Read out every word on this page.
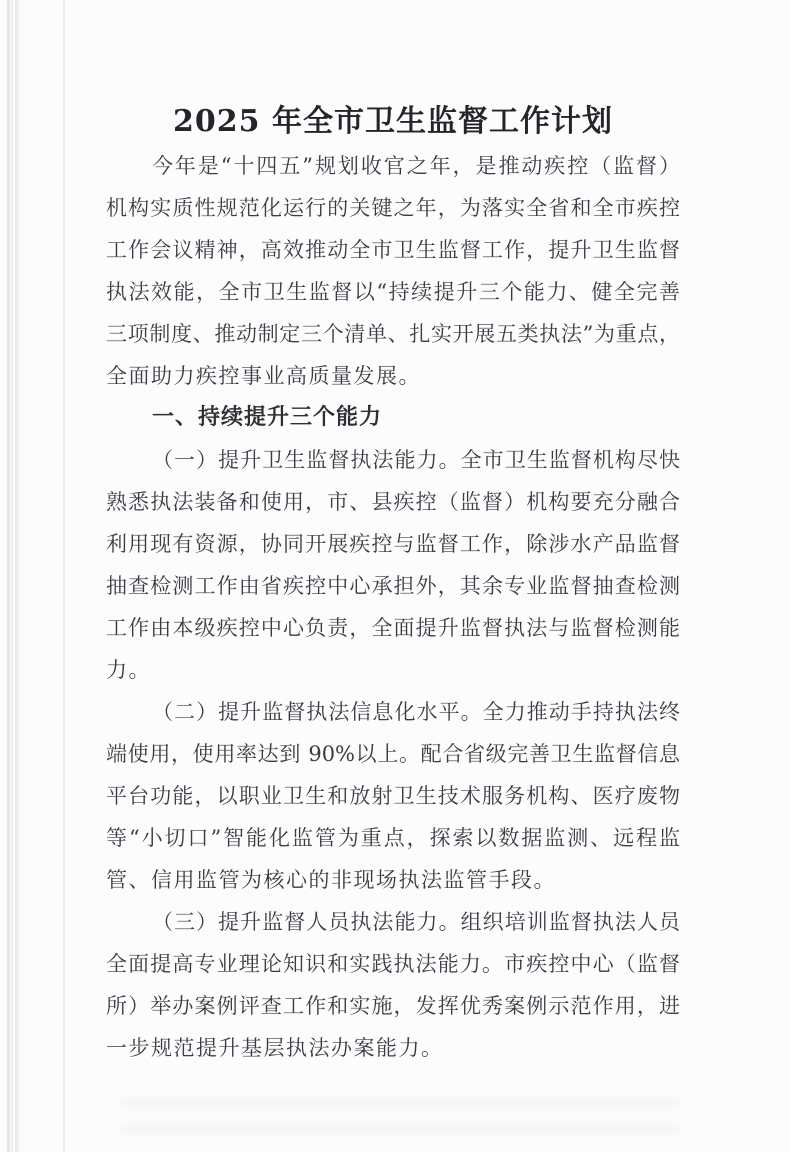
2025 年全市卫生监督工作计划
今年是“十四五”规划收官之年，是推动疾控（监督）
机构实质性规范化运行的关键之年，为落实全省和全市疾控
工作会议精神，高效推动全市卫生监督工作，提升卫生监督
执法效能，全市卫生监督以“持续提升三个能力、健全完善
三项制度、推动制定三个清单、扎实开展五类执法”为重点，
全面助力疾控事业高质量发展。
一、持续提升三个能力
（一）提升卫生监督执法能力。全市卫生监督机构尽快
熟悉执法装备和使用，市、县疾控（监督）机构要充分融合
利用现有资源，协同开展疾控与监督工作，除涉水产品监督
抽查检测工作由省疾控中心承担外，其余专业监督抽查检测
工作由本级疾控中心负责，全面提升监督执法与监督检测能
力。
（二）提升监督执法信息化水平。全力推动手持执法终
端使用，使用率达到 90%以上。配合省级完善卫生监督信息
平台功能，以职业卫生和放射卫生技术服务机构、医疗废物
等“小切口”智能化监管为重点，探索以数据监测、远程监
管、信用监管为核心的非现场执法监管手段。
（三）提升监督人员执法能力。组织培训监督执法人员
全面提高专业理论知识和实践执法能力。市疾控中心（监督
所）举办案例评查工作和实施，发挥优秀案例示范作用，进
一步规范提升基层执法办案能力。
